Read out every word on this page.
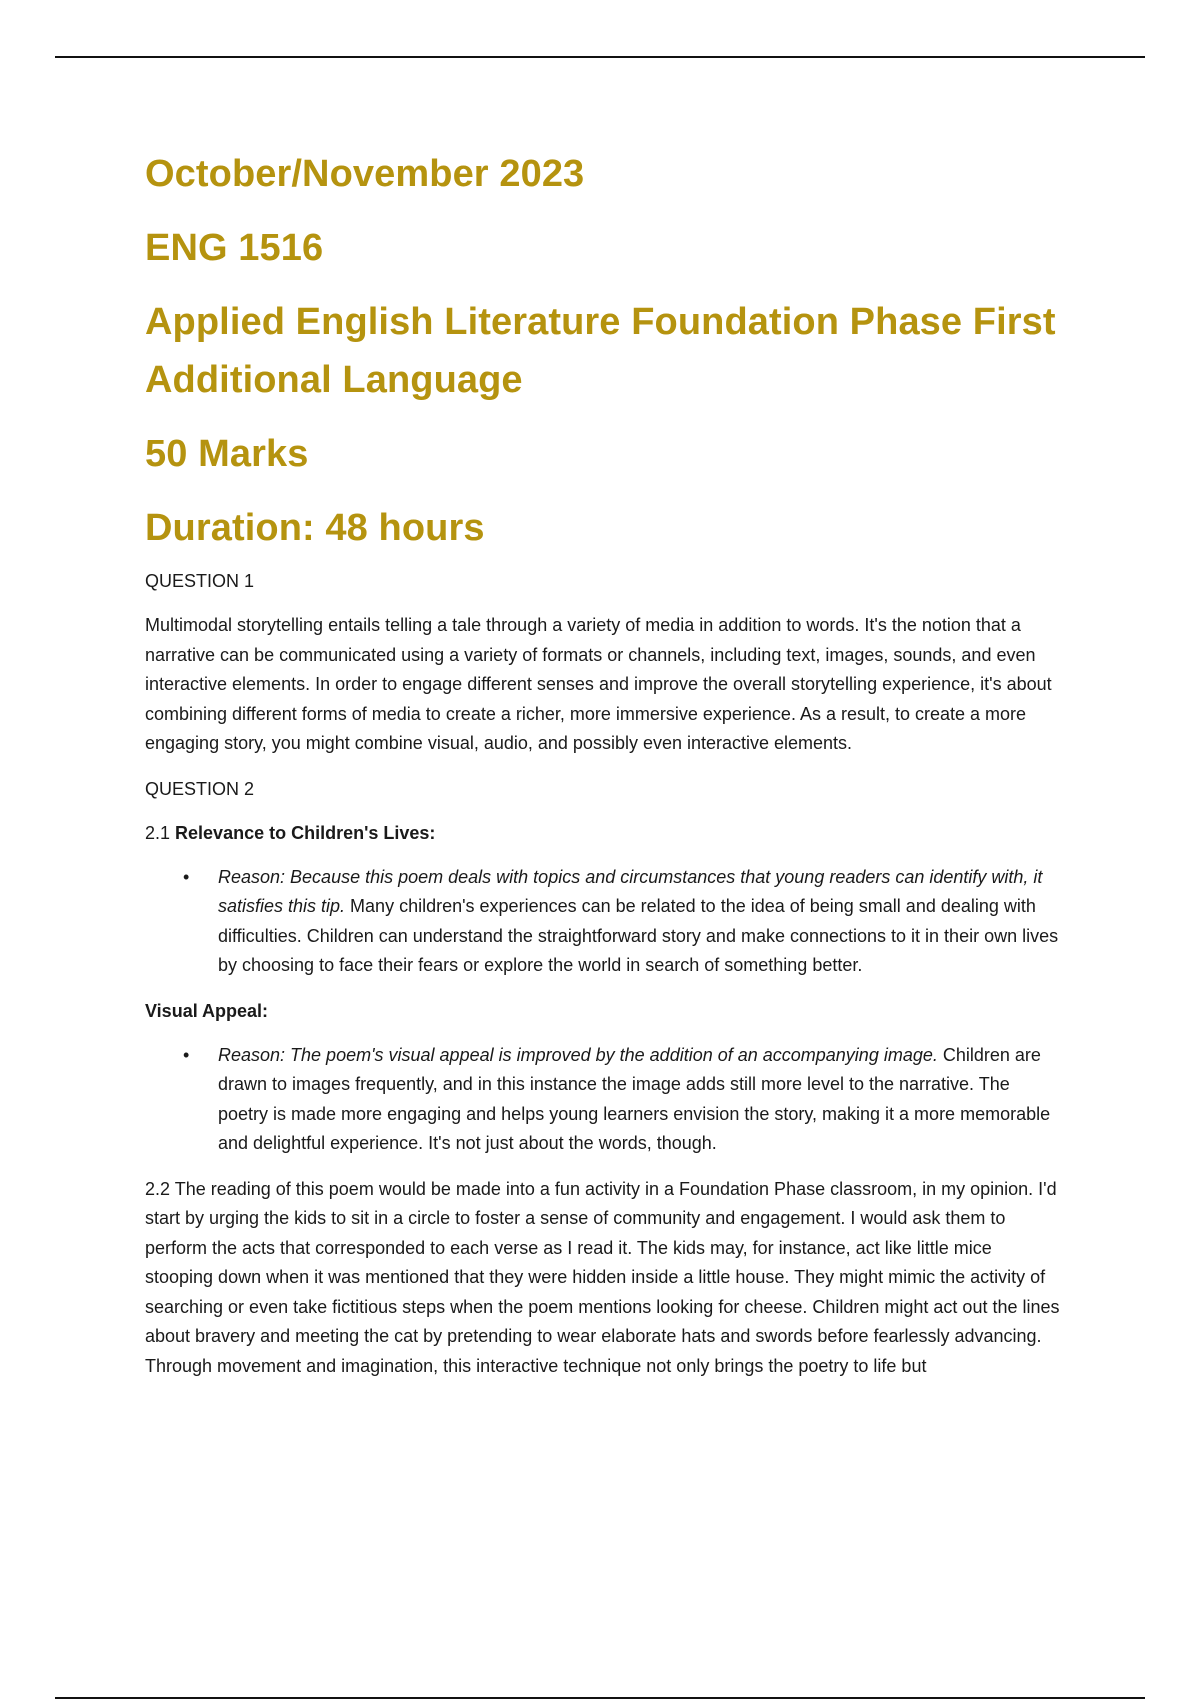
October/November 2023
ENG 1516
Applied English Literature Foundation Phase First Additional Language
50 Marks
Duration: 48 hours
QUESTION 1
Multimodal storytelling entails telling a tale through a variety of media in addition to words. It's the notion that a narrative can be communicated using a variety of formats or channels, including text, images, sounds, and even interactive elements. In order to engage different senses and improve the overall storytelling experience, it's about combining different forms of media to create a richer, more immersive experience. As a result, to create a more engaging story, you might combine visual, audio, and possibly even interactive elements.
QUESTION 2
2.1 Relevance to Children's Lives:
• Reason: Because this poem deals with topics and circumstances that young readers can identify with, it satisfies this tip. Many children's experiences can be related to the idea of being small and dealing with difficulties. Children can understand the straightforward story and make connections to it in their own lives by choosing to face their fears or explore the world in search of something better.
Visual Appeal:
• Reason: The poem's visual appeal is improved by the addition of an accompanying image. Children are drawn to images frequently, and in this instance the image adds still more level to the narrative. The poetry is made more engaging and helps young learners envision the story, making it a more memorable and delightful experience. It's not just about the words, though.
2.2 The reading of this poem would be made into a fun activity in a Foundation Phase classroom, in my opinion. I'd start by urging the kids to sit in a circle to foster a sense of community and engagement. I would ask them to perform the acts that corresponded to each verse as I read it. The kids may, for instance, act like little mice stooping down when it was mentioned that they were hidden inside a little house. They might mimic the activity of searching or even take fictitious steps when the poem mentions looking for cheese. Children might act out the lines about bravery and meeting the cat by pretending to wear elaborate hats and swords before fearlessly advancing. Through movement and imagination, this interactive technique not only brings the poetry to life but
